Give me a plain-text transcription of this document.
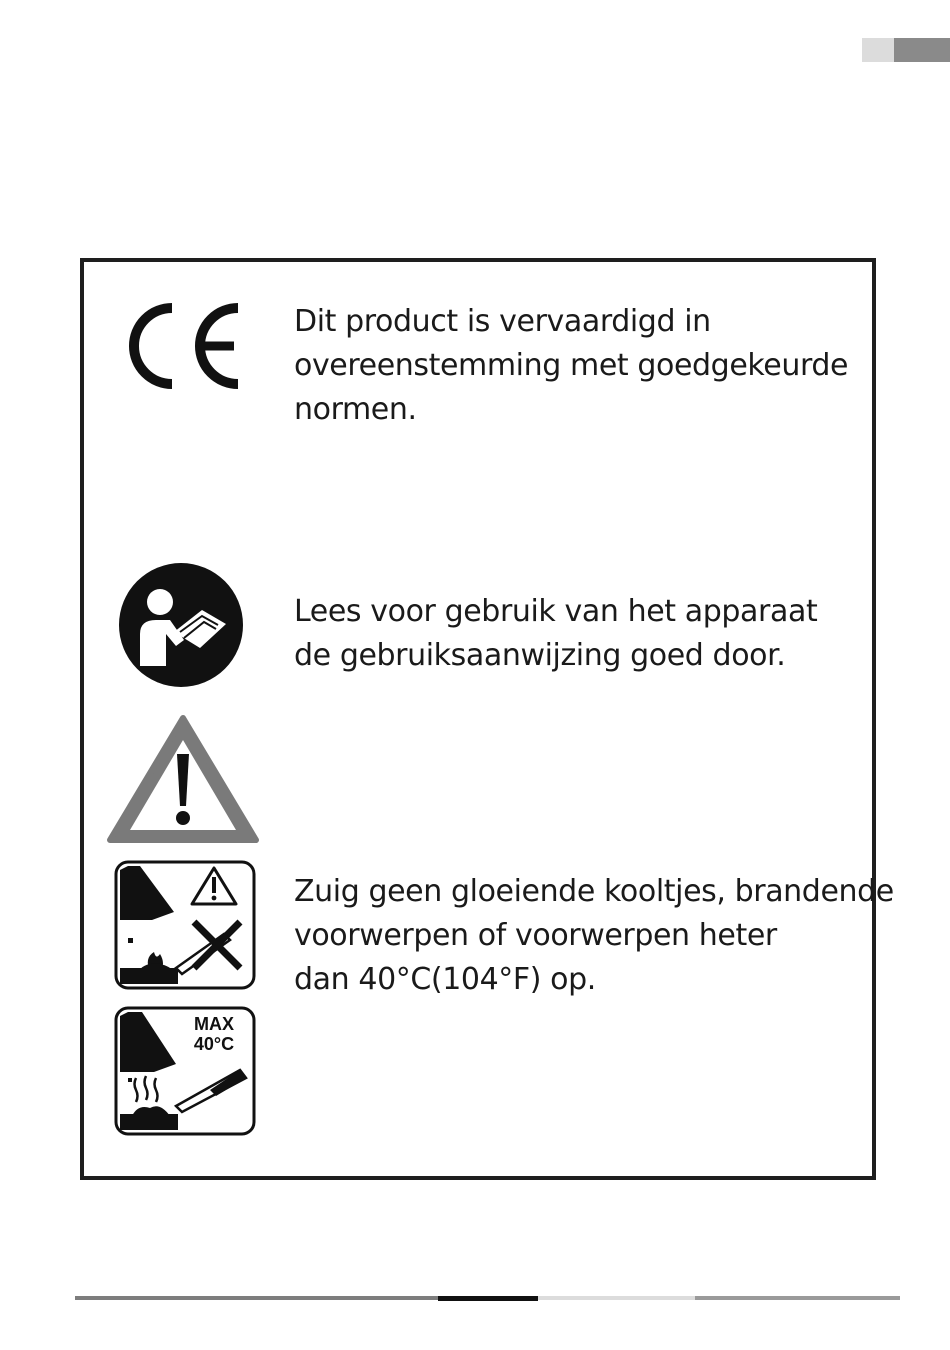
Dit product is vervaardigd in
overeenstemming met goedgekeurde
normen.
Lees voor gebruik van het apparaat
de gebruiksaanwijzing goed door.
Zuig geen gloeiende kooltjes, brandende
voorwerpen of voorwerpen heter
dan 40°C(104°F) op.
MAX
40°C
